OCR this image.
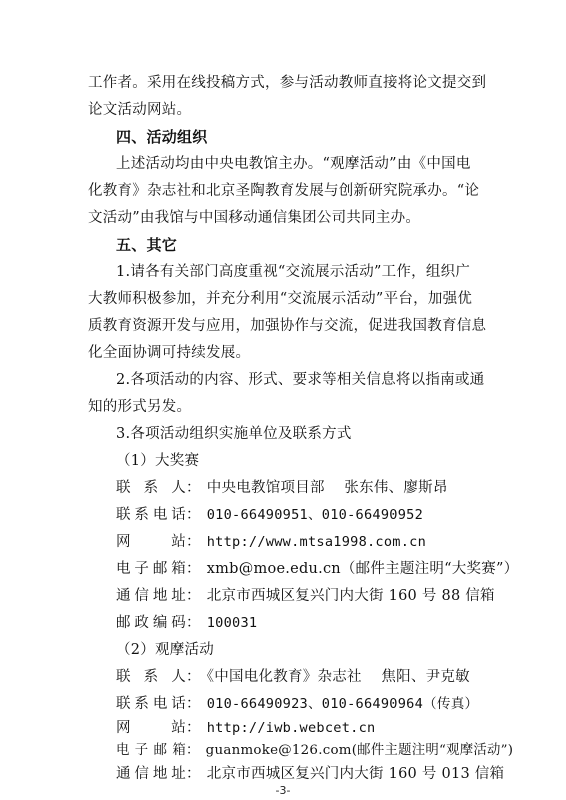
工作者。采用在线投稿方式，参与活动教师直接将论文提交到
论文活动网站。
四、活动组织
上述活动均由中央电教馆主办。“观摩活动”由《中国电
化教育》杂志社和北京圣陶教育发展与创新研究院承办。“论
文活动”由我馆与中国移动通信集团公司共同主办。
五、其它
1.请各有关部门高度重视“交流展示活动”工作，组织广
大教师积极参加，并充分利用“交流展示活动”平台，加强优
质教育资源开发与应用，加强协作与交流，促进我国教育信息
化全面协调可持续发展。
2.各项活动的内容、形式、要求等相关信息将以指南或通
知的形式另发。
3.各项活动组织实施单位及联系方式
（1）大奖赛
联 系 人： 中央电教馆项目部　 张东伟、廖斯昂
联系电话： 010-66490951、010-66490952
网　　站： http://www.mtsa1998.com.cn
电子邮箱： xmb@moe.edu.cn（邮件主题注明“大奖赛”）
通信地址： 北京市西城区复兴门内大街 160 号 88 信箱
邮政编码： 100031
（2）观摩活动
联 系 人： 《中国电化教育》杂志社　 焦阳、尹克敏
联系电话： 010-66490923、010-66490964（传真）
网　　站： http://iwb.webcet.cn
电子邮箱： guanmoke@126.com(邮件主题注明“观摩活动”)
通信地址： 北京市西城区复兴门内大街 160 号 013 信箱
-3-
